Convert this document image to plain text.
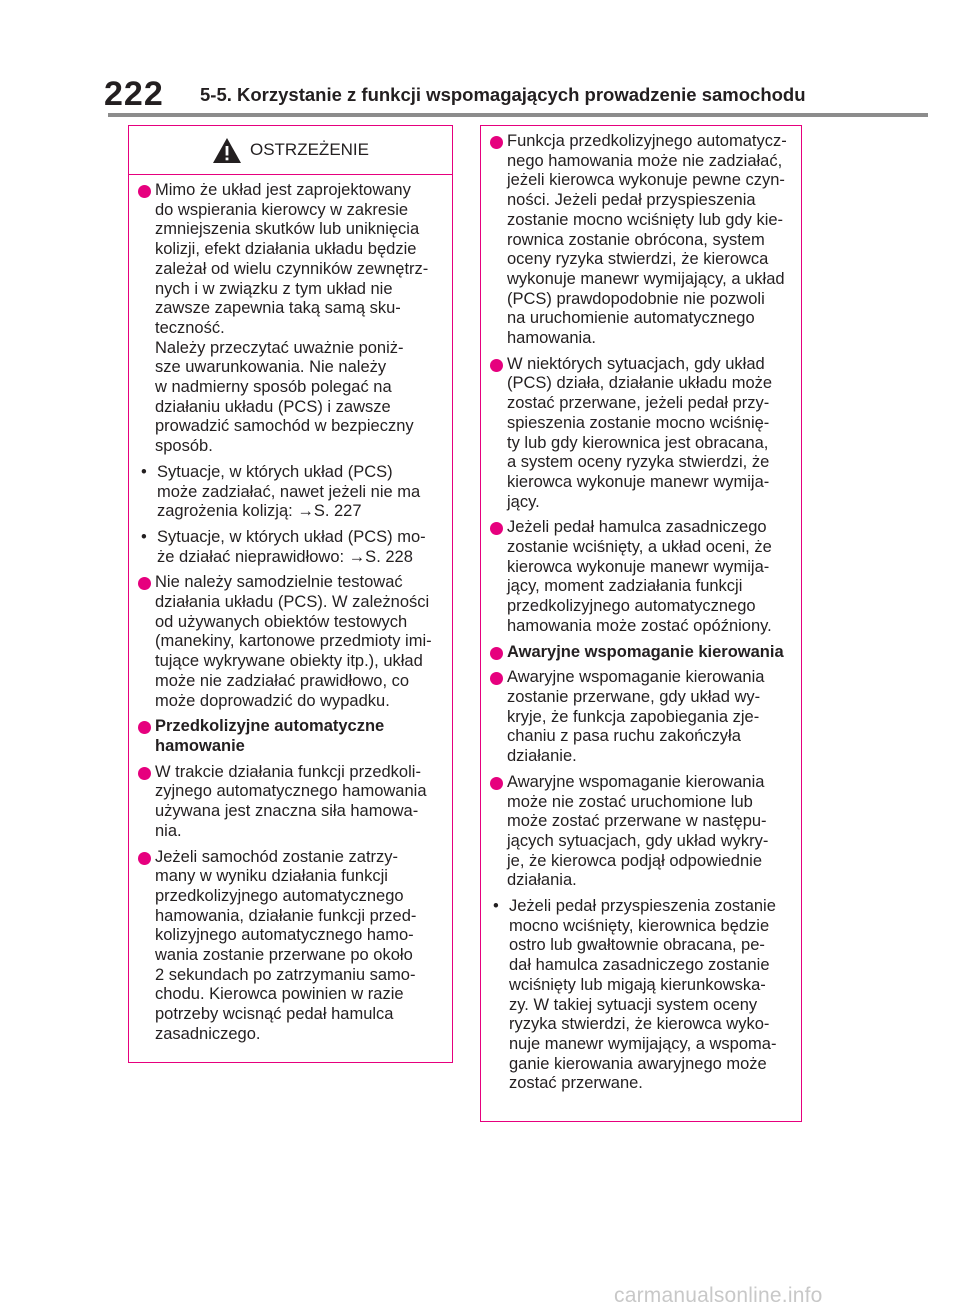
222 5-5. Korzystanie z funkcji wspomagających prowadzenie samochodu
OSTRZEŻENIE
Mimo że układ jest zaprojektowany
do wspierania kierowcy w zakresie
zmniejszenia skutków lub uniknięcia
kolizji, efekt działania układu będzie
zależał od wielu czynników zewnętrz-
nych i w związku z tym układ nie
zawsze zapewnia taką samą sku-
teczność.
Należy przeczytać uważnie poniż-
sze uwarunkowania. Nie należy
w nadmierny sposób polegać na
działaniu układu (PCS) i zawsze
prowadzić samochód w bezpieczny
sposób.
• Sytuacje, w których układ (PCS)
może zadziałać, nawet jeżeli nie ma
zagrożenia kolizją: →S. 227
• Sytuacje, w których układ (PCS) mo-
że działać nieprawidłowo: →S. 228
Nie należy samodzielnie testować
działania układu (PCS). W zależności
od używanych obiektów testowych
(manekiny, kartonowe przedmioty imi-
tujące wykrywane obiekty itp.), układ
może nie zadziałać prawidłowo, co
może doprowadzić do wypadku.
Przedkolizyjne automatyczne
hamowanie
W trakcie działania funkcji przedkoli-
zyjnego automatycznego hamowania
używana jest znaczna siła hamowa-
nia.
Jeżeli samochód zostanie zatrzy-
many w wyniku działania funkcji
przedkolizyjnego automatycznego
hamowania, działanie funkcji przed-
kolizyjnego automatycznego hamo-
wania zostanie przerwane po około
2 sekundach po zatrzymaniu samo-
chodu. Kierowca powinien w razie
potrzeby wcisnąć pedał hamulca
zasadniczego.
Funkcja przedkolizyjnego automatycz-
nego hamowania może nie zadziałać,
jeżeli kierowca wykonuje pewne czyn-
ności. Jeżeli pedał przyspieszenia
zostanie mocno wciśnięty lub gdy kie-
rownica zostanie obrócona, system
oceny ryzyka stwierdzi, że kierowca
wykonuje manewr wymijający, a układ
(PCS) prawdopodobnie nie pozwoli
na uruchomienie automatycznego
hamowania.
W niektórych sytuacjach, gdy układ
(PCS) działa, działanie układu może
zostać przerwane, jeżeli pedał przy-
spieszenia zostanie mocno wciśnię-
ty lub gdy kierownica jest obracana,
a system oceny ryzyka stwierdzi, że
kierowca wykonuje manewr wymija-
jący.
Jeżeli pedał hamulca zasadniczego
zostanie wciśnięty, a układ oceni, że
kierowca wykonuje manewr wymija-
jący, moment zadziałania funkcji
przedkolizyjnego automatycznego
hamowania może zostać opóźniony.
Awaryjne wspomaganie kierowania
Awaryjne wspomaganie kierowania
zostanie przerwane, gdy układ wy-
kryje, że funkcja zapobiegania zje-
chaniu z pasa ruchu zakończyła
działanie.
Awaryjne wspomaganie kierowania
może nie zostać uruchomione lub
może zostać przerwane w następu-
jących sytuacjach, gdy układ wykry-
je, że kierowca podjął odpowiednie
działania.
• Jeżeli pedał przyspieszenia zostanie
mocno wciśnięty, kierownica będzie
ostro lub gwałtownie obracana, pe-
dał hamulca zasadniczego zostanie
wciśnięty lub migają kierunkowska-
zy. W takiej sytuacji system oceny
ryzyka stwierdzi, że kierowca wyko-
nuje manewr wymijający, a wspoma-
ganie kierowania awaryjnego może
zostać przerwane.
carmanualsonline.info
